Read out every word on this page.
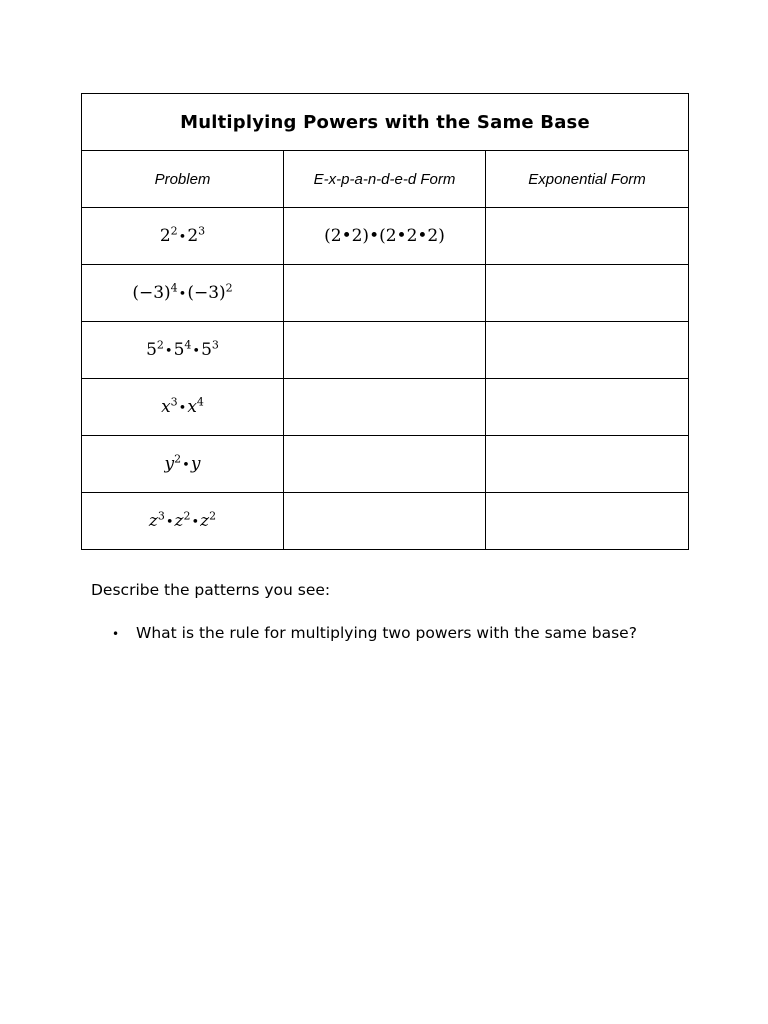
Multiplying Powers with the Same Base		
Problem	E-x-p-a-n-d-e-d Form	Exponential Form
$2^2•2^3$	(2•2)•(2•2•2)	
$(-3)^4•(-3)^2$		
$5^2•5^4•5^3$		
$x^3•x^4$		
$y^2•y$		
$z^3•z^2•z^2$		

Describe the patterns you see:

•	What is the rule for multiplying two powers with the same base?
